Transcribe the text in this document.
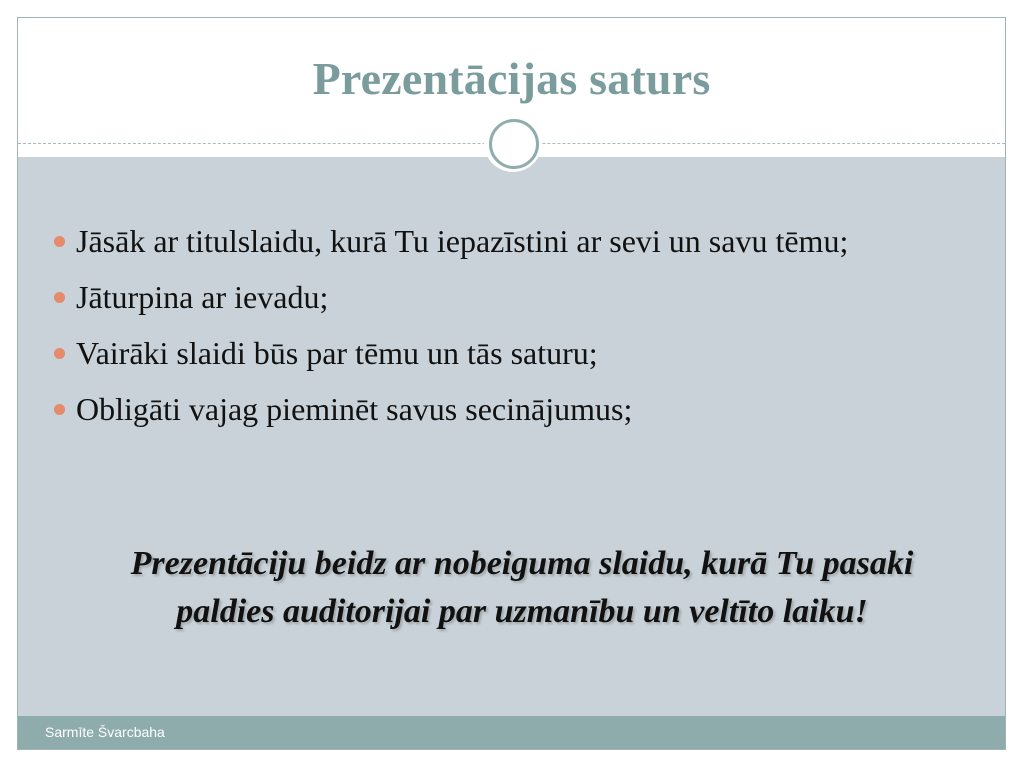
Prezentācijas saturs
Jāsāk ar titulslaidu, kurā Tu iepazīstini ar sevi un savu tēmu;
Jāturpina ar ievadu;
Vairāki slaidi būs par tēmu un tās saturu;
Obligāti vajag pieminēt savus secinājumus;

Prezentāciju beidz ar nobeiguma slaidu, kurā Tu pasaki paldies auditorijai par uzmanību un veltīto laiku!

Sarmīte Švarcbaha
